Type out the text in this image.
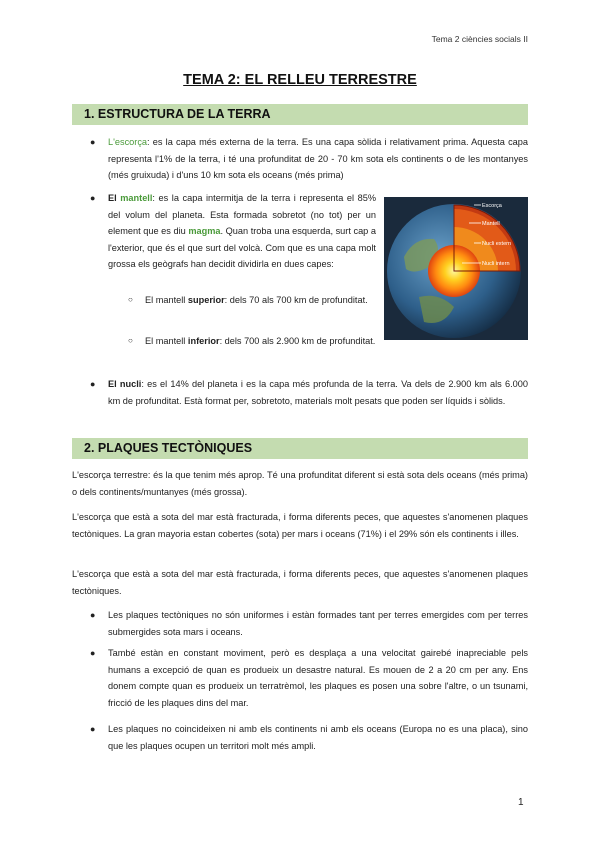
Tema 2 ciències socials II
TEMA 2: EL RELLEU TERRESTRE
1. ESTRUCTURA DE LA TERRA
● L'escorça: es la capa més externa de la terra. Es una capa sòlida i relativament prima. Aquesta capa representa l'1% de la terra, i té una profunditat de 20 - 70 km sota els continents o de les montanyes (més gruixuda) i d'uns 10 km sota els oceans (més prima)
● El mantell: es la capa intermitja de la terra i representa el 85% del volum del planeta. Esta formada sobretot (no tot) per un element que es diu magma. Quan troba una esquerda, surt cap a l'exterior, que és el que surt del volcà. Com que es una capa molt grossa els geògrafs han decidit dividirla en dues capes:
○ El mantell superior: dels 70 als 700 km de profunditat.
○ El mantell inferior: dels 700 als 2.900 km de profunditat.
Escorça
Mantell
Nucli extern
Nucli intern
● El nucli: es el 14% del planeta i es la capa més profunda de la terra. Va dels de 2.900 km als 6.000 km de profunditat. Està format per, sobretoto, materials molt pesats que poden ser líquids i sòlids.
2. PLAQUES TECTÒNIQUES
L'escorça terrestre: és la que tenim més aprop. Té una profunditat diferent si està sota dels oceans (més prima) o dels continents/muntanyes (més grossa).
L'escorça que està a sota del mar està fracturada, i forma diferents peces, que aquestes s'anomenen plaques tectòniques. La gran mayoria estan cobertes (sota) per mars i oceans (71%) i el 29% són els continents i illes.
L'escorça que està a sota del mar està fracturada, i forma diferents peces, que aquestes s'anomenen plaques tectòniques.
● Les plaques tectòniques no són uniformes i estàn formades tant per terres emergides com per terres submergides sota mars i oceans.
● També estàn en constant moviment, però es desplaça a una velocitat gairebé inapreciable pels humans a excepció de quan es produeix un desastre natural. Es mouen de 2 a 20 cm per any. Ens donem compte quan es produeix un terratrèmol, les plaques es posen una sobre l'altre, o un tsunami, fricció de les plaques dins del mar.
● Les plaques no coincideixen ni amb els continents ni amb els oceans (Europa no es una placa), sino que les plaques ocupen un territori molt més ampli.
1
